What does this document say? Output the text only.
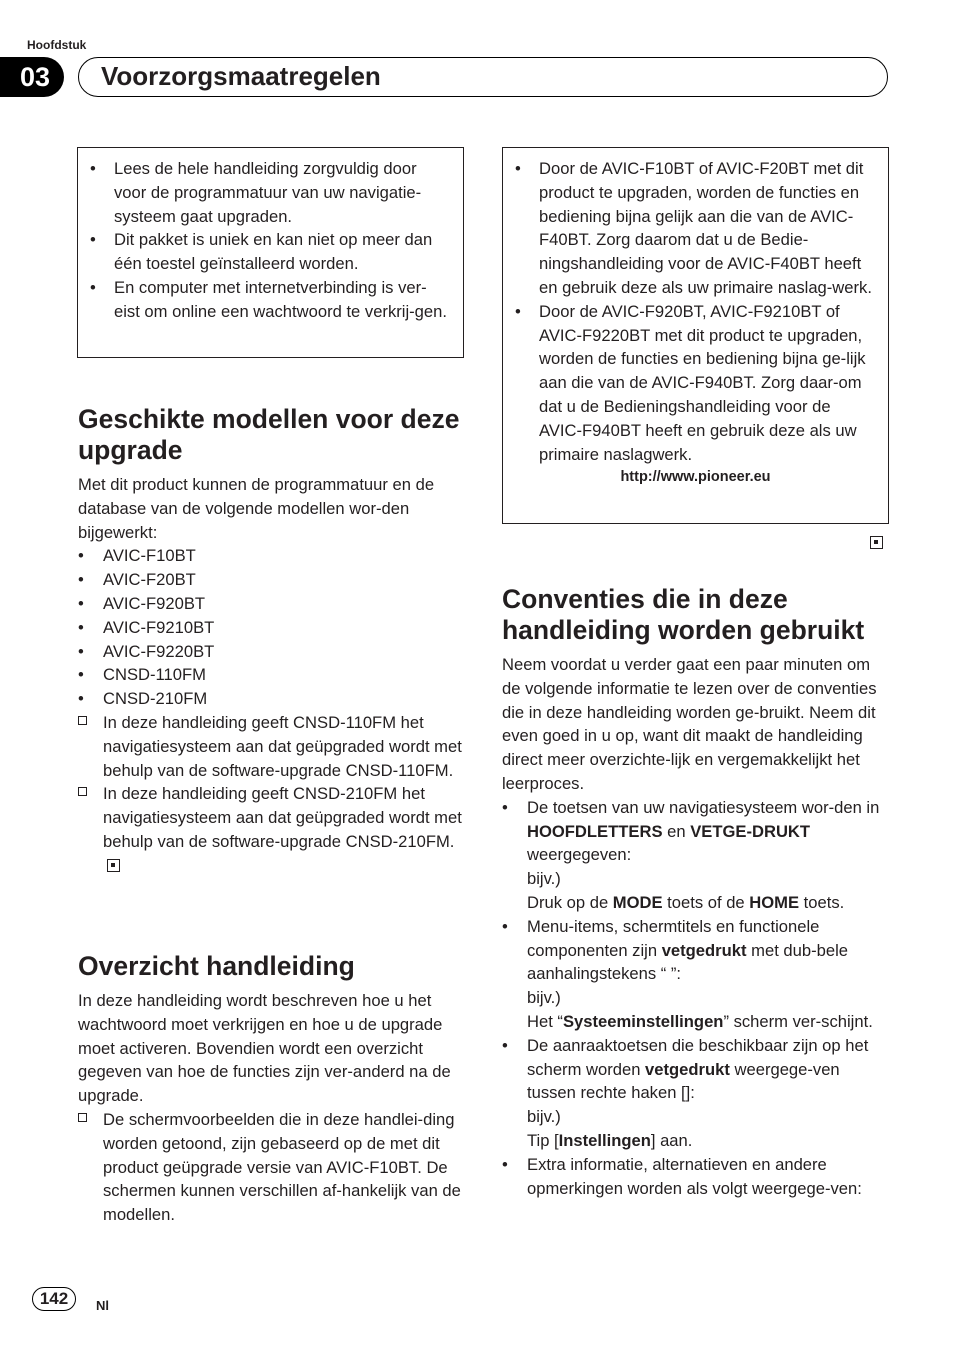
Hoofdstuk
03	Voorzorgsmaatregelen
• Lees de hele handleiding zorgvuldig door voor de programmatuur van uw navigatie-systeem gaat upgraden.
• Dit pakket is uniek en kan niet op meer dan één toestel geïnstalleerd worden.
• En computer met internetverbinding is ver-eist om online een wachtwoord te verkrij-gen.
Geschikte modellen voor deze upgrade

Met dit product kunnen de programmatuur en de database van de volgende modellen wor-den bijgewerkt:

• AVIC-F10BT
• AVIC-F20BT
• AVIC-F920BT
• AVIC-F9210BT
• AVIC-F9220BT
• CNSD-110FM
• CNSD-210FM
In deze handleiding geeft CNSD-110FM het navigatiesysteem aan dat geüpgraded wordt met behulp van de software-upgrade CNSD-110FM.
In deze handleiding geeft CNSD-210FM het navigatiesysteem aan dat geüpgraded wordt met behulp van de software-upgrade CNSD-210FM.
Overzicht handleiding

In deze handleiding wordt beschreven hoe u het wachtwoord moet verkrijgen en hoe u de upgrade moet activeren. Bovendien wordt een overzicht gegeven van hoe de functies zijn ver-anderd na de upgrade.

De schermvoorbeelden die in deze handlei-ding worden getoond, zijn gebaseerd op de met dit product geüpgrade versie van AVIC-F10BT. De schermen kunnen verschillen af-hankelijk van de modellen.
• Door de AVIC-F10BT of AVIC-F20BT met dit product te upgraden, worden de functies en bediening bijna gelijk aan die van de AVIC-F40BT. Zorg daarom dat u de Bedie-ningshandleiding voor de AVIC-F40BT heeft en gebruik deze als uw primaire naslag-werk.
• Door de AVIC-F920BT, AVIC-F9210BT of AVIC-F9220BT met dit product te upgraden, worden de functies en bediening bijna ge-lijk aan die van de AVIC-F940BT. Zorg daar-om dat u de Bedieningshandleiding voor de AVIC-F940BT heeft en gebruik deze als uw primaire naslagwerk.
http://www.pioneer.eu
Conventies die in deze handleiding worden gebruikt

Neem voordat u verder gaat een paar minuten om de volgende informatie te lezen over de conventies die in deze handleiding worden ge-bruikt. Neem dit even goed in u op, want dit maakt de handleiding direct meer overzichte-lijk en vergemakkelijkt het leerproces.

• De toetsen van uw navigatiesysteem wor-den in HOOFDLETTERS en VETGE-DRUKT weergegeven:
bijv.)
Druk op de MODE toets of de HOME toets.
• Menu-items, schermtitels en functionele componenten zijn vetgedrukt met dub-bele aanhalingstekens “ ”:
bijv.)
Het “Systeeminstellingen” scherm ver-schijnt.
• De aanraaktoetsen die beschikbaar zijn op het scherm worden vetgedrukt weergege-ven tussen rechte haken []:
bijv.)
Tip [Instellingen] aan.
• Extra informatie, alternatieven en andere opmerkingen worden als volgt weergege-ven:
142	Nl
